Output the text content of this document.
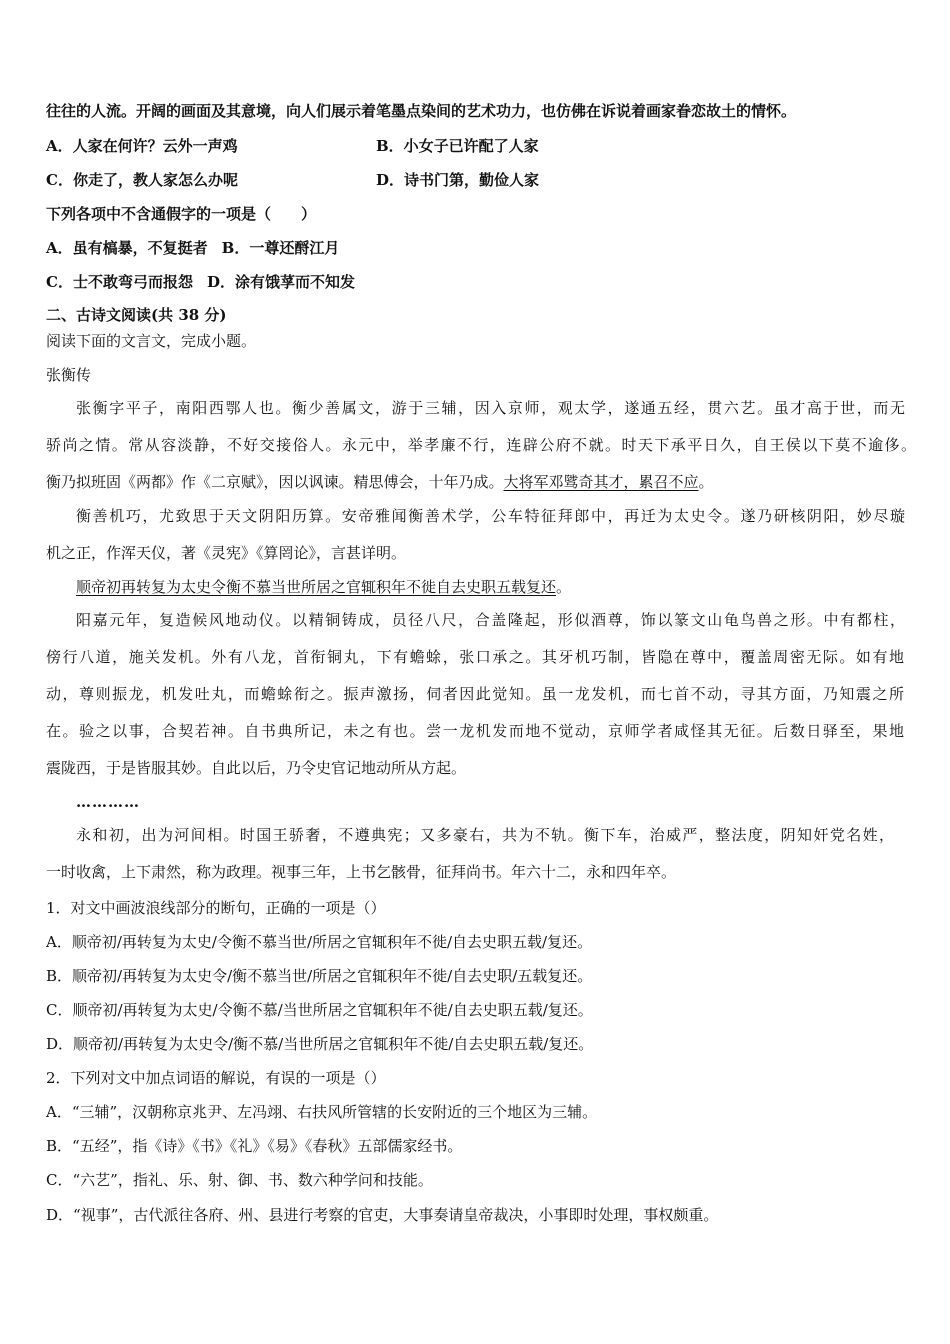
往往的人流。开阔的画面及其意境，向人们展示着笔墨点染间的艺术功力，也仿佛在诉说着画家眷恋故土的情怀。
A．人家在何许？云外一声鸡	B．小女子已许配了人家
C．你走了，教人家怎么办呢	D．诗书门第，勤俭人家
下列各项中不含通假字的一项是（　　）
A．虽有槁暴，不复挺者 B．一尊还酹江月
C．士不敢弯弓而报怨 D．涂有饿莩而不知发
二、古诗文阅读(共 38 分)
阅读下面的文言文，完成小题。
张衡传
张衡字平子，南阳西鄂人也。衡少善属文，游于三辅，因入京师，观太学，遂通五经，贯六艺。虽才高于世，而无
骄尚之情。常从容淡静，不好交接俗人。永元中，举孝廉不行，连辟公府不就。时天下承平日久，自王侯以下莫不逾侈。
衡乃拟班固《两都》作《二京赋》，因以讽谏。精思傅会，十年乃成。大将军邓骘奇其才，累召不应。
衡善机巧，尤致思于天文阴阳历算。安帝雅闻衡善术学，公车特征拜郎中，再迁为太史令。遂乃研核阴阳，妙尽璇
机之正，作浑天仪，著《灵宪》《算罔论》，言甚详明。
顺帝初再转复为太史令衡不慕当世所居之官辄积年不徙自去史职五载复还。
阳嘉元年，复造候风地动仪。以精铜铸成，员径八尺，合盖隆起，形似酒尊，饰以篆文山龟鸟兽之形。中有都柱，
傍行八道，施关发机。外有八龙，首衔铜丸，下有蟾蜍，张口承之。其牙机巧制，皆隐在尊中，覆盖周密无际。如有地
动，尊则振龙，机发吐丸，而蟾蜍衔之。振声激扬，伺者因此觉知。虽一龙发机，而七首不动，寻其方面，乃知震之所
在。验之以事，合契若神。自书典所记，未之有也。尝一龙机发而地不觉动，京师学者咸怪其无征。后数日驿至，果地
震陇西，于是皆服其妙。自此以后，乃令史官记地动所从方起。
…………
永和初，出为河间相。时国王骄奢，不遵典宪；又多豪右，共为不轨。衡下车，治威严，整法度，阴知奸党名姓，
一时收禽，上下肃然，称为政理。视事三年，上书乞骸骨，征拜尚书。年六十二，永和四年卒。
1．对文中画波浪线部分的断句，正确的一项是（）
A．顺帝初/再转复为太史/令衡不慕当世/所居之官辄积年不徙/自去史职五载/复还。
B．顺帝初/再转复为太史令/衡不慕当世/所居之官辄积年不徙/自去史职/五载复还。
C．顺帝初/再转复为太史/令衡不慕/当世所居之官辄积年不徙/自去史职五载/复还。
D．顺帝初/再转复为太史令/衡不慕/当世所居之官辄积年不徙/自去史职五载/复还。
2．下列对文中加点词语的解说，有误的一项是（）
A．“三辅”，汉朝称京兆尹、左冯翊、右扶风所管辖的长安附近的三个地区为三辅。
B．“五经”，指《诗》《书》《礼》《易》《春秋》五部儒家经书。
C．“六艺”，指礼、乐、射、御、书、数六种学问和技能。
D．“视事”，古代派往各府、州、县进行考察的官吏，大事奏请皇帝裁决，小事即时处理，事权颇重。
